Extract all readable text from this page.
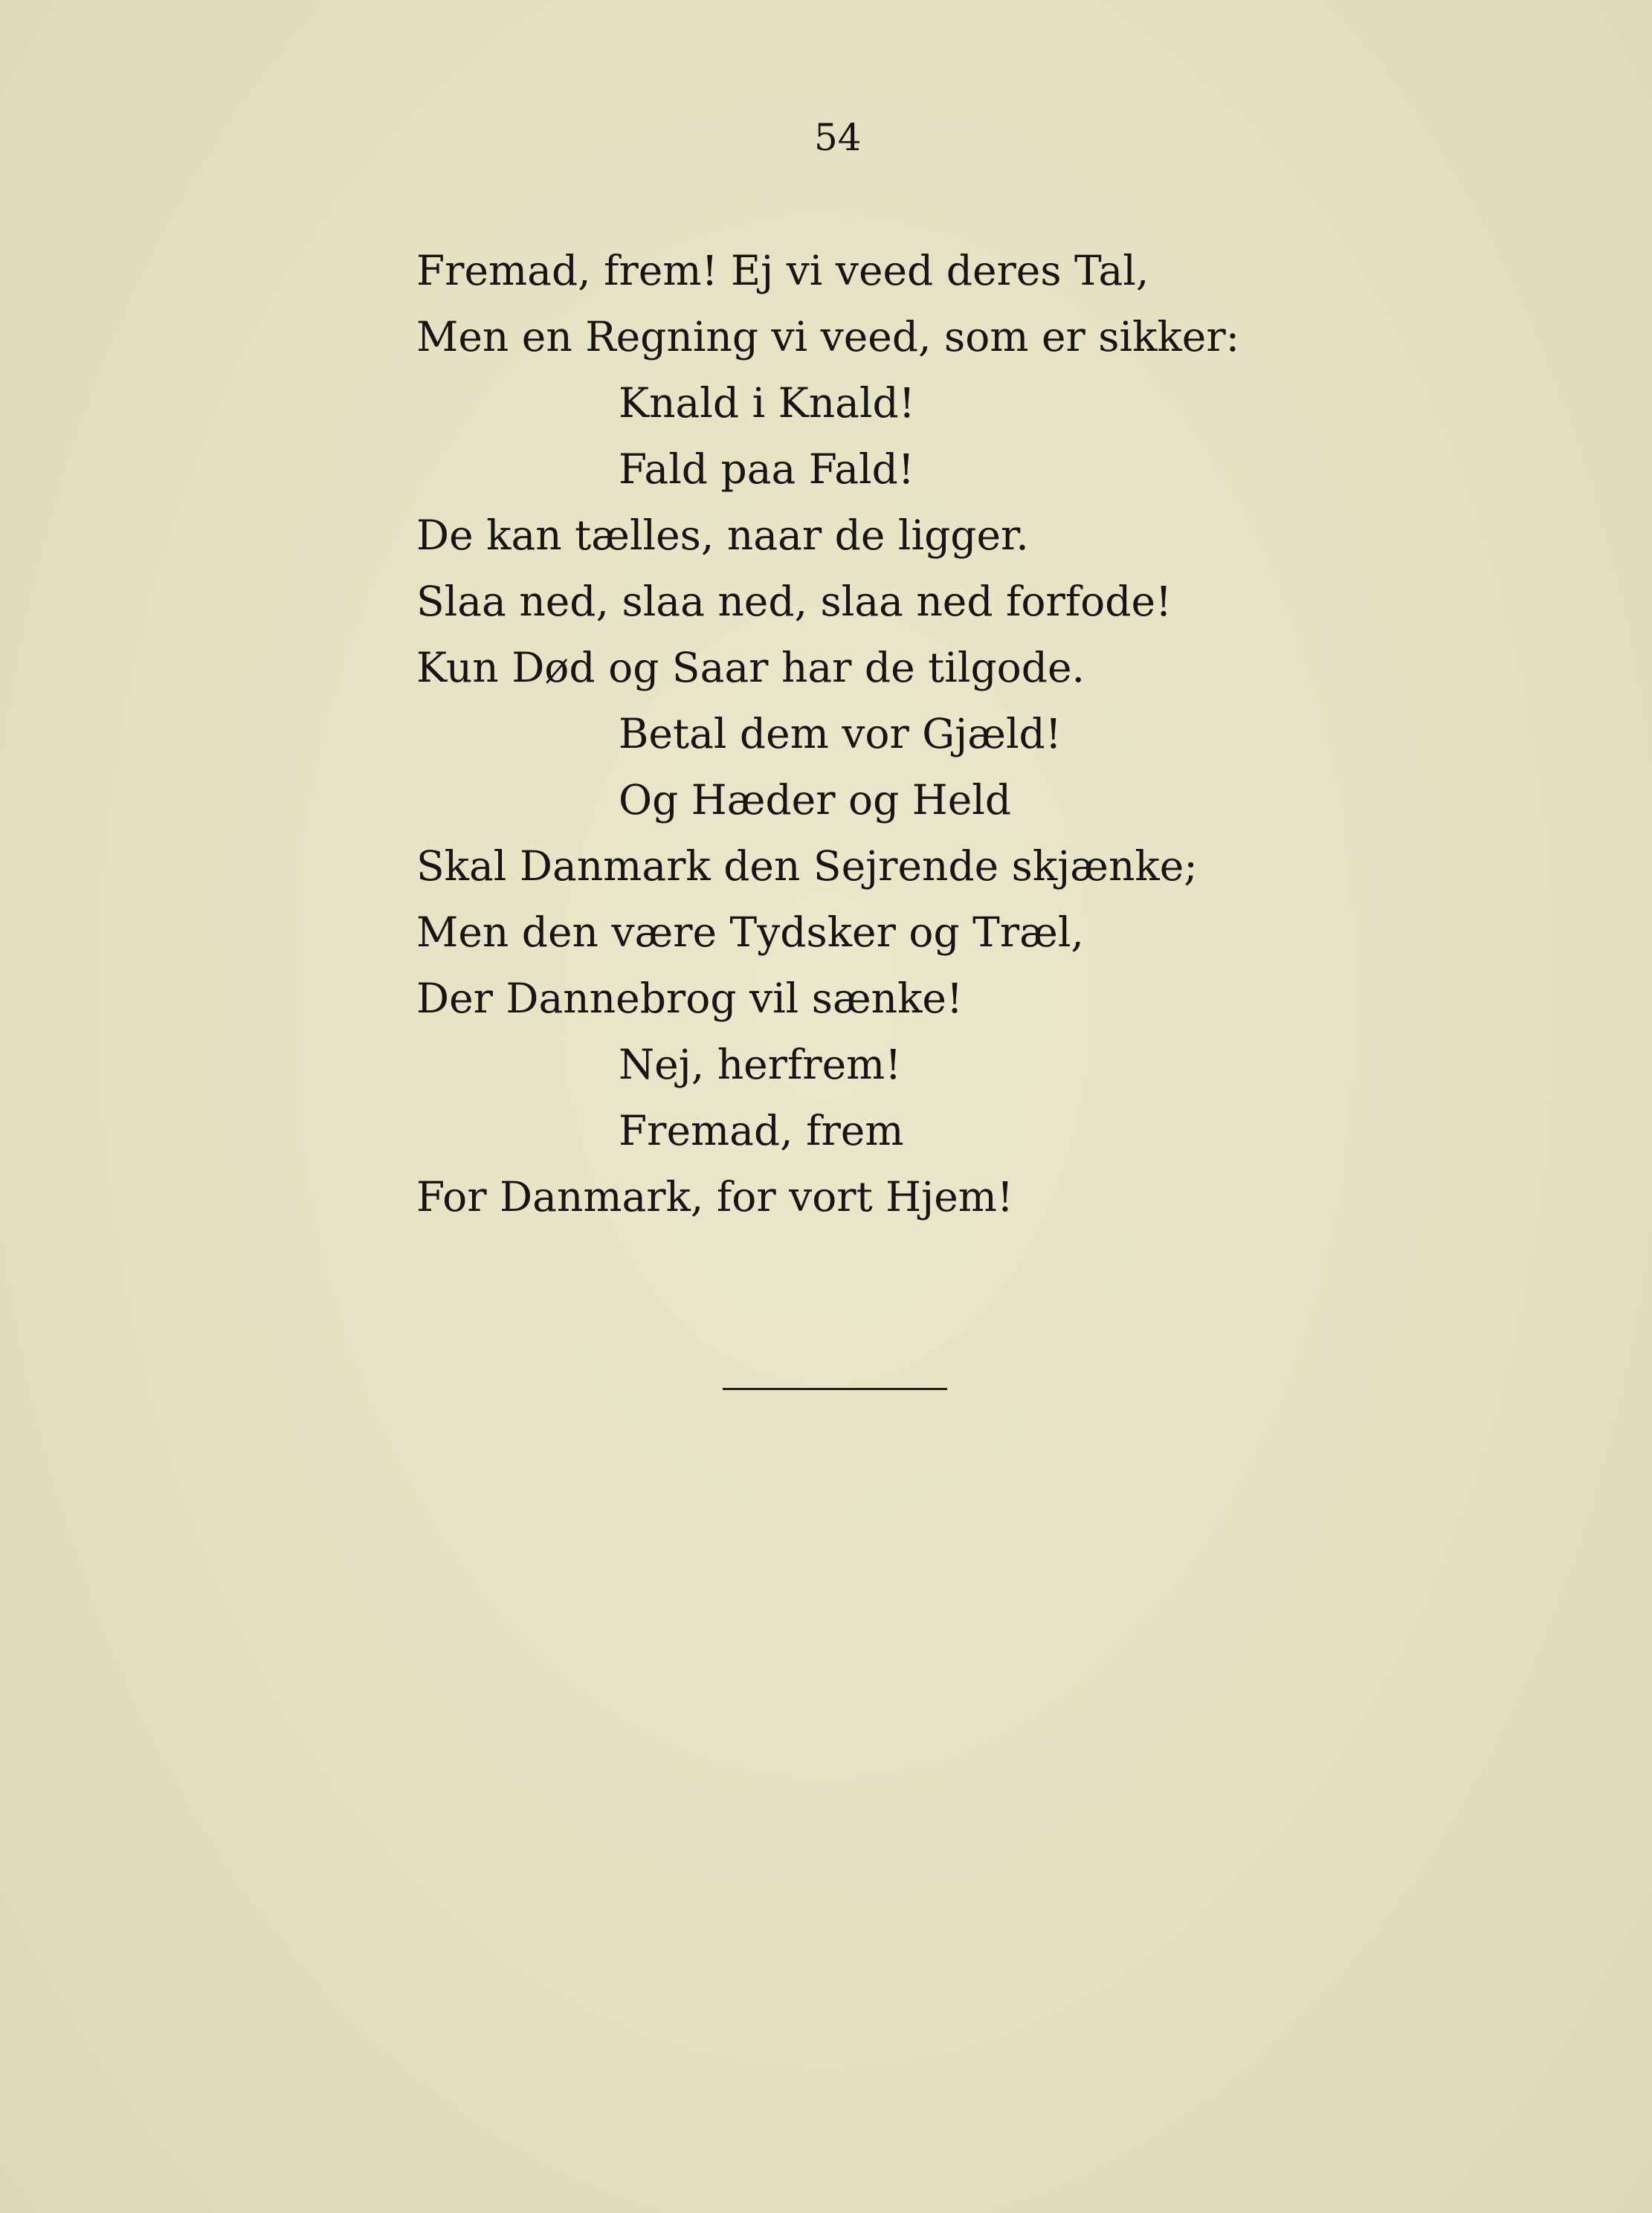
54
Fremad, frem! Ej vi veed deres Tal,
Men en Regning vi veed, som er sikker:
Knald i Knald!
Fald paa Fald!
De kan tælles, naar de ligger.
Slaa ned, slaa ned, slaa ned forfode!
Kun Død og Saar har de tilgode.
Betal dem vor Gjæld!
Og Hæder og Held
Skal Danmark den Sejrende skjænke;
Men den være Tydsker og Træl,
Der Dannebrog vil sænke!
Nej, herfrem!
Fremad, frem
For Danmark, for vort Hjem!
